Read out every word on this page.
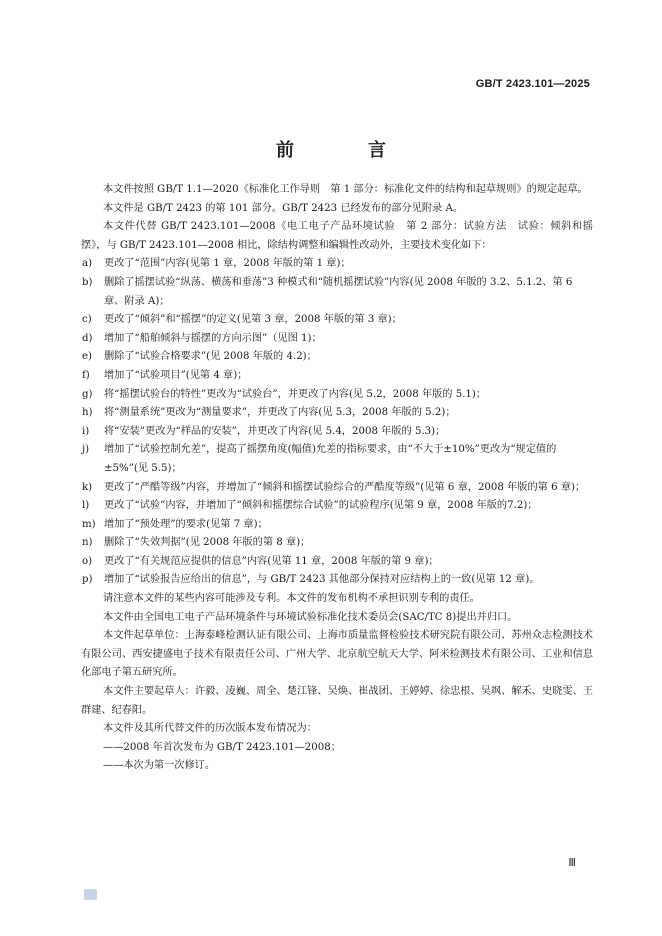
GB/T 2423.101—2025
前　言

本文件按照 GB/T 1.1—2020《标准化工作导则　第 1 部分：标准化文件的结构和起草规则》的规定起草。

本文件是 GB/T 2423 的第 101 部分。GB/T 2423 已经发布的部分见附录 A。

本文件代替 GB/T 2423.101—2008《电工电子产品环境试验　第 2 部分：试验方法　试验：倾斜和摇摆》，与 GB/T 2423.101—2008 相比，除结构调整和编辑性改动外，主要技术变化如下：

a)	更改了“范围”内容(见第 1 章，2008 年版的第 1 章)；
b)	删除了摇摆试验“纵荡、横荡和垂荡”3 种模式和“随机摇摆试验”内容(见 2008 年版的 3.2、5.1.2、第 6 章、附录 A)；
c)	更改了“倾斜”和“摇摆”的定义(见第 3 章，2008 年版的第 3 章)；
d)	增加了“船舶倾斜与摇摆的方向示图”（见图 1)；
e)	删除了“试验合格要求”(见 2008 年版的 4.2)；
f)	增加了“试验项目”(见第 4 章)；
g)	将“摇摆试验台的特性”更改为“试验台”，并更改了内容(见 5.2，2008 年版的 5.1)；
h)	将“测量系统”更改为“测量要求”，并更改了内容(见 5.3，2008 年版的 5.2)；
i)	将“安装”更改为“样品的安装”，并更改了内容(见 5.4，2008 年版的 5.3)；
j)	增加了“试验控制允差”，提高了摇摆角度(幅值)允差的指标要求，由“不大于±10%”更改为“规定值的±5%”(见 5.5)；
k)	更改了“严酷等级”内容，并增加了“倾斜和摇摆试验综合的严酷度等级”(见第 6 章，2008 年版的第 6 章)；
l)	更改了“试验”内容，并增加了“倾斜和摇摆综合试验”的试验程序(见第 9 章，2008 年版的7.2)；
m) 增加了“预处理”的要求(见第 7 章)；
n)	删除了“失效判据”(见 2008 年版的第 8 章)；
o)	更改了“有关规范应提供的信息”内容(见第 11 章，2008 年版的第 9 章)；
p)	增加了“试验报告应给出的信息”，与 GB/T 2423 其他部分保持对应结构上的一致(见第 12 章)。

请注意本文件的某些内容可能涉及专利。本文件的发布机构不承担识别专利的责任。

本文件由全国电工电子产品环境条件与环境试验标准化技术委员会(SAC/TC 8)提出并归口。

本文件起草单位：上海泰峰检测认证有限公司、上海市质量监督检验技术研究院有限公司、苏州众志检测技术有限公司、西安捷盛电子技术有限责任公司、广州大学、北京航空航天大学、阿米检测技术有限公司、工业和信息化部电子第五研究所。

本文件主要起草人：许毅、凌巍、周全、楚江锋、吴焕、崔战团、王婷婷、徐忠根、吴飒、解禾、史晓雯、王群建、纪春阳。

本文件及其所代替文件的历次版本发布情况为：

——2008 年首次发布为 GB/T 2423.101—2008；

——本次为第一次修订。

Ⅲ
